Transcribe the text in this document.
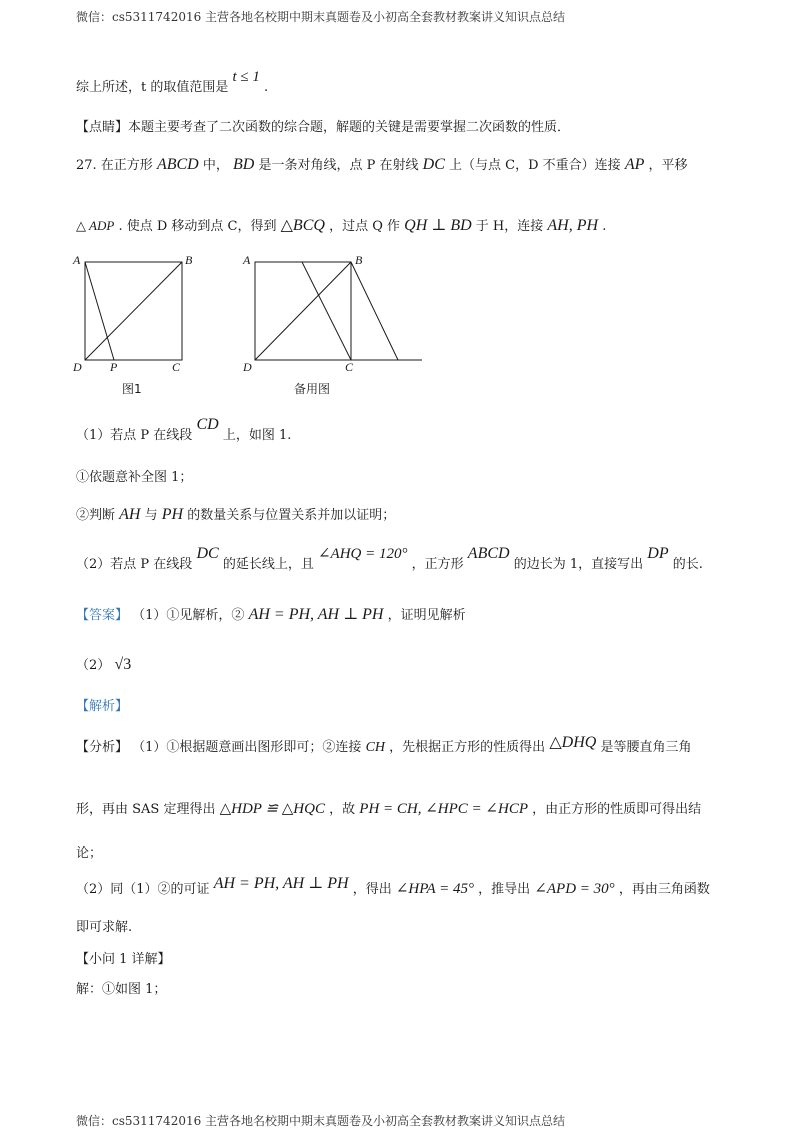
微信：cs5311742016 主营各地名校期中期末真题卷及小初高全套教材教案讲义知识点总结
微信：cs5311742016 主营各地名校期中期末真题卷及小初高全套教材教案讲义知识点总结
综上所述，t 的取值范围是 t ≤ 1 .
【点睛】本题主要考查了二次函数的综合题，解题的关键是需要掌握二次函数的性质．
27. 在正方形 ABCD 中， BD 是一条对角线，点 P 在射线 DC 上（与点 C，D 不重合）连接 AP ，平移
△ ADP . 使点 D 移动到点 C，得到 △BCQ ，过点 Q 作 QH ⊥ BD 于 H，连接 AH, PH .
A	B
D P	C
图1
A	B
D	C
备用图
（1）若点 P 在线段 CD 上，如图 1.
①依题意补全图 1；
②判断 AH 与 PH 的数量关系与位置关系并加以证明；
（2）若点 P 在线段 DC 的延长线上，且 ∠AHQ = 120° ，正方形 ABCD 的边长为 1，直接写出 DP 的长.
【答案】 （1）①见解析，② AH = PH, AH ⊥ PH ，证明见解析
（2） √3
【解析】
【分析】 （1）①根据题意画出图形即可；②连接 CH ，先根据正方形的性质得出 △DHQ 是等腰直角三角
形，再由 SAS 定理得出 △HDP ≌ △HQC ，故 PH = CH, ∠HPC = ∠HCP ，由正方形的性质即可得出结
论；
（2）同（1）②的可证 AH = PH, AH ⊥ PH ，得出 ∠HPA = 45° ，推导出 ∠APD = 30° ，再由三角函数
即可求解.
【小问 1 详解】
解：①如图 1；
